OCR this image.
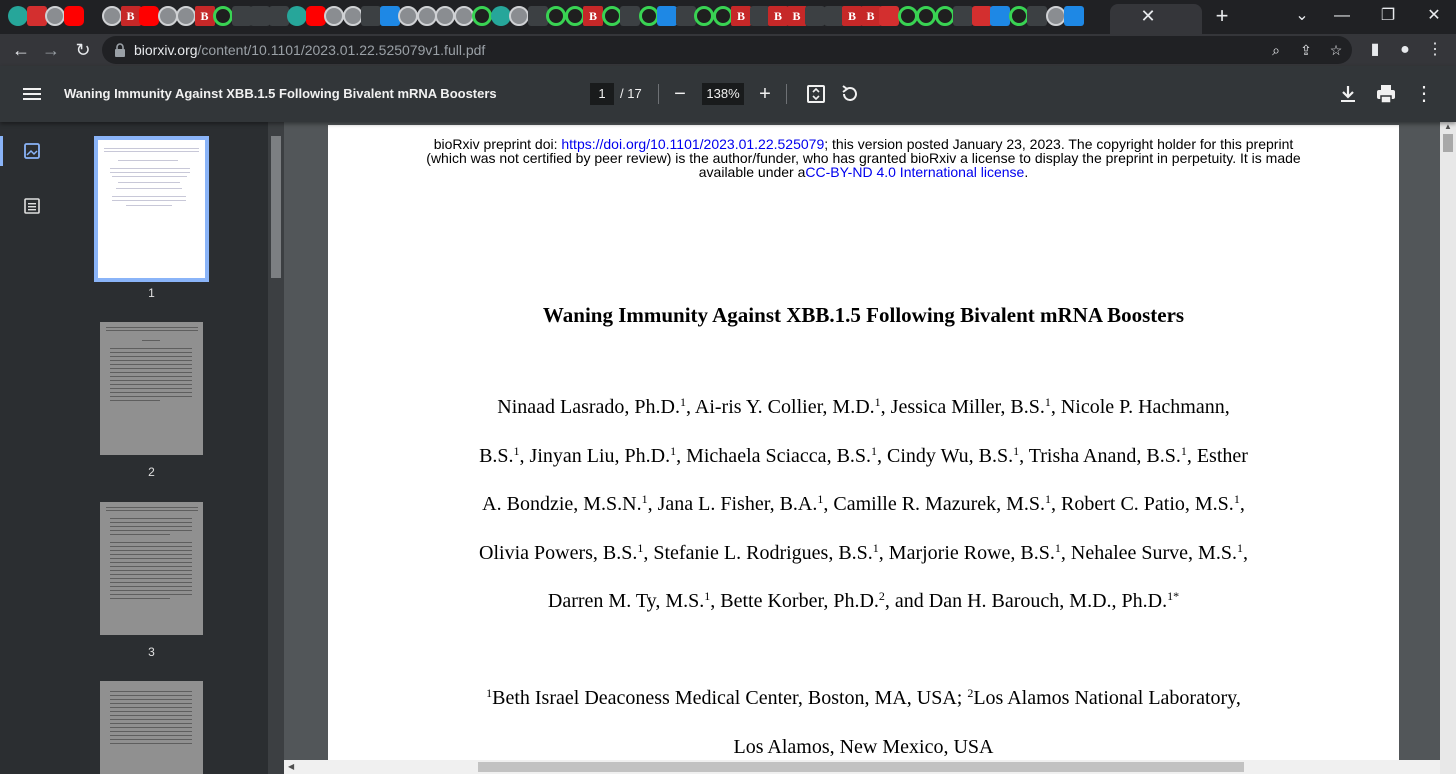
B	B	B	B	B B	B B	✕	+	⌄	—	❐	✕
← → ↻	biorxiv.org/content/10.1101/2023.01.22.525079v1.full.pdf	⌕	⇪ ☆	▮	●	⋮
Waning Immunity Against XBB.1.5 Following Bivalent mRNA Boosters	1	/ 17	−	138% +	⋮
1
2
3
bioRxiv preprint doi: https://doi.org/10.1101/2023.01.22.525079; this version posted January 23, 2023. The copyright holder for this preprint
(which was not certified by peer review) is the author/funder, who has granted bioRxiv a license to display the preprint in perpetuity. It is made
available under aCC-BY-ND 4.0 International license.
Waning Immunity Against XBB.1.5 Following Bivalent mRNA Boosters
Ninaad Lasrado, Ph.D.$^1$, Ai-ris Y. Collier, M.D.$^1$, Jessica Miller, B.S.$^1$, Nicole P. Hachmann,
B.S.$^1$, Jinyan Liu, Ph.D.$^1$, Michaela Sciacca, B.S.$^1$, Cindy Wu, B.S.$^1$, Trisha Anand, B.S.$^1$, Esther
A. Bondzie, M.S.N.$^1$, Jana L. Fisher, B.A.$^1$, Camille R. Mazurek, M.S.$^1$, Robert C. Patio, M.S.$^1$,
Olivia Powers, B.S.$^1$, Stefanie L. Rodrigues, B.S.$^1$, Marjorie Rowe, B.S.$^1$, Nehalee Surve, M.S.$^1$,
Darren M. Ty, M.S.$^1$, Bette Korber, Ph.D.$^2$, and Dan H. Barouch, M.D., Ph.D.$^{1*}$
$^1$Beth Israel Deaconess Medical Center, Boston, MA, USA; $^2$Los Alamos National Laboratory,
Los Alamos, New Mexico, USA
▲
◀
